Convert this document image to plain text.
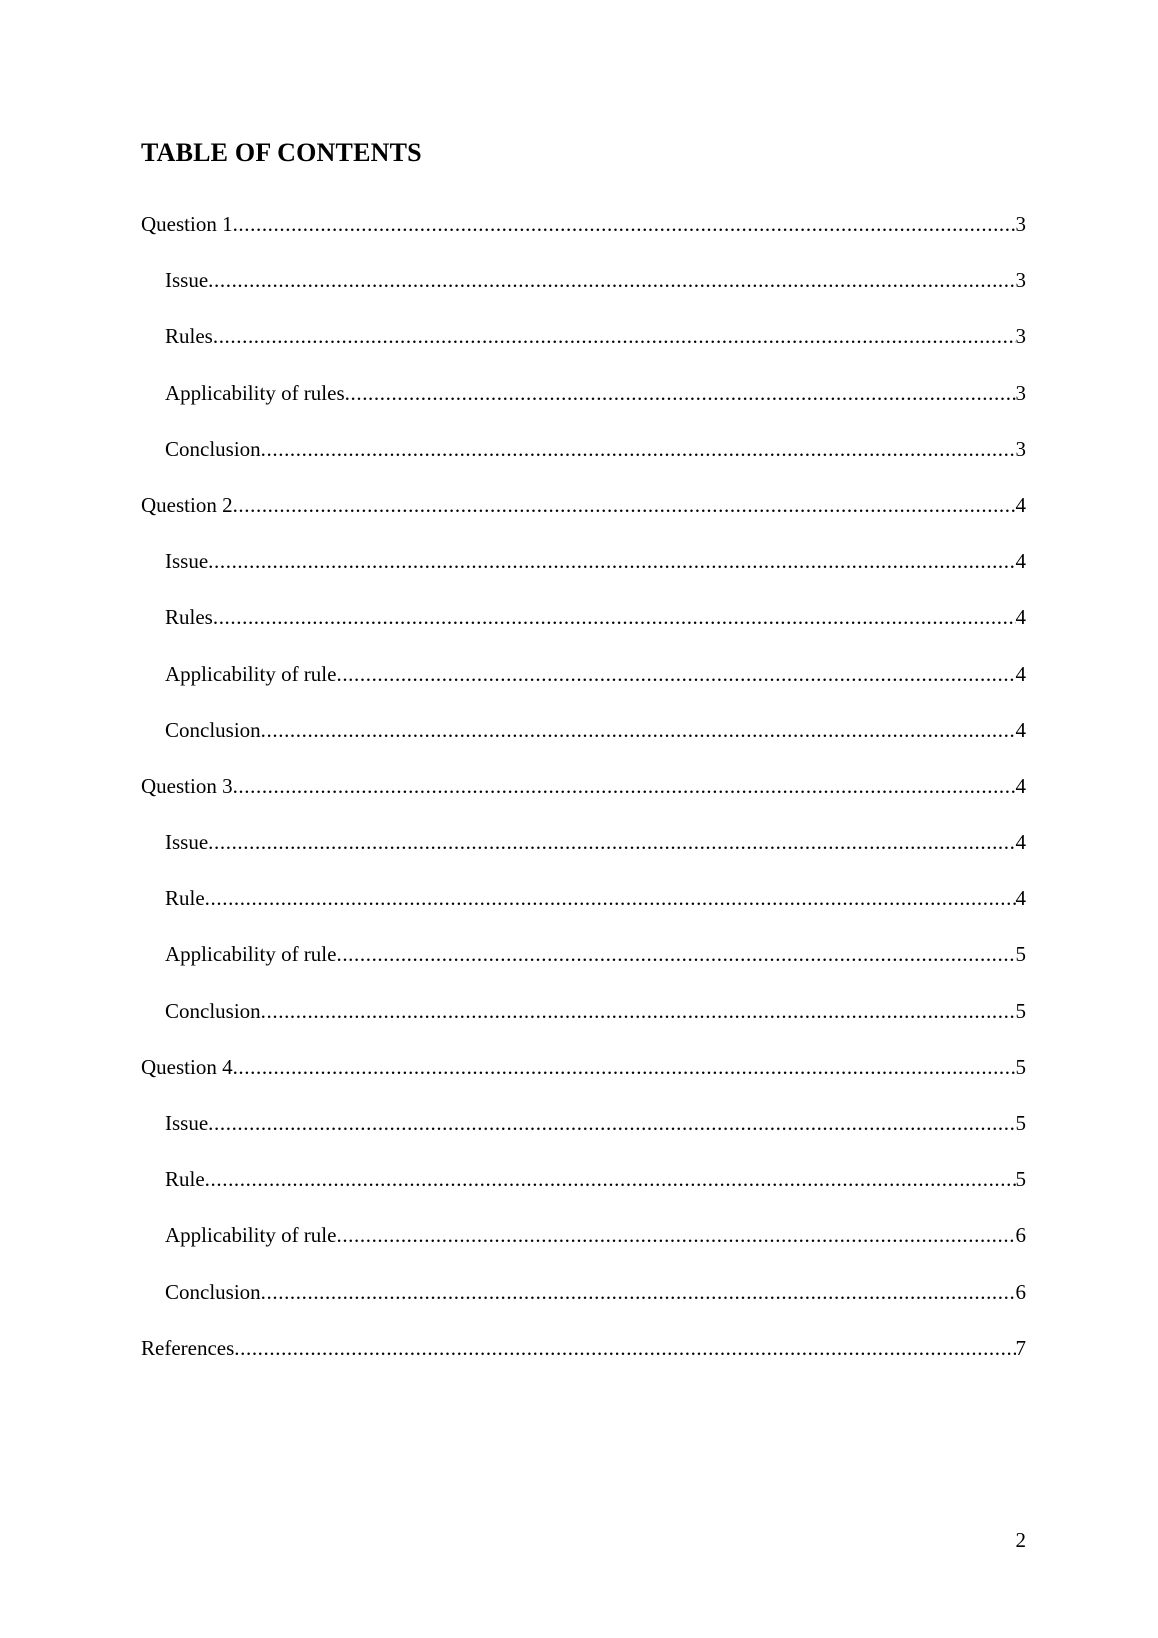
TABLE OF CONTENTS
Question 1 .....	3
Issue .....	3
Rules .....	3
Applicability of rules .....	3
Conclusion .....	3
Question 2 .....	4
Issue .....	4
Rules .....	4
Applicability of rule .....	4
Conclusion .....	4
Question 3 .....	4
Issue .....	4
Rule .....	4
Applicability of rule .....	5
Conclusion .....	5
Question 4 .....	5
Issue .....	5
Rule .....	5
Applicability of rule .....	6
Conclusion .....	6
References .....	7
2
